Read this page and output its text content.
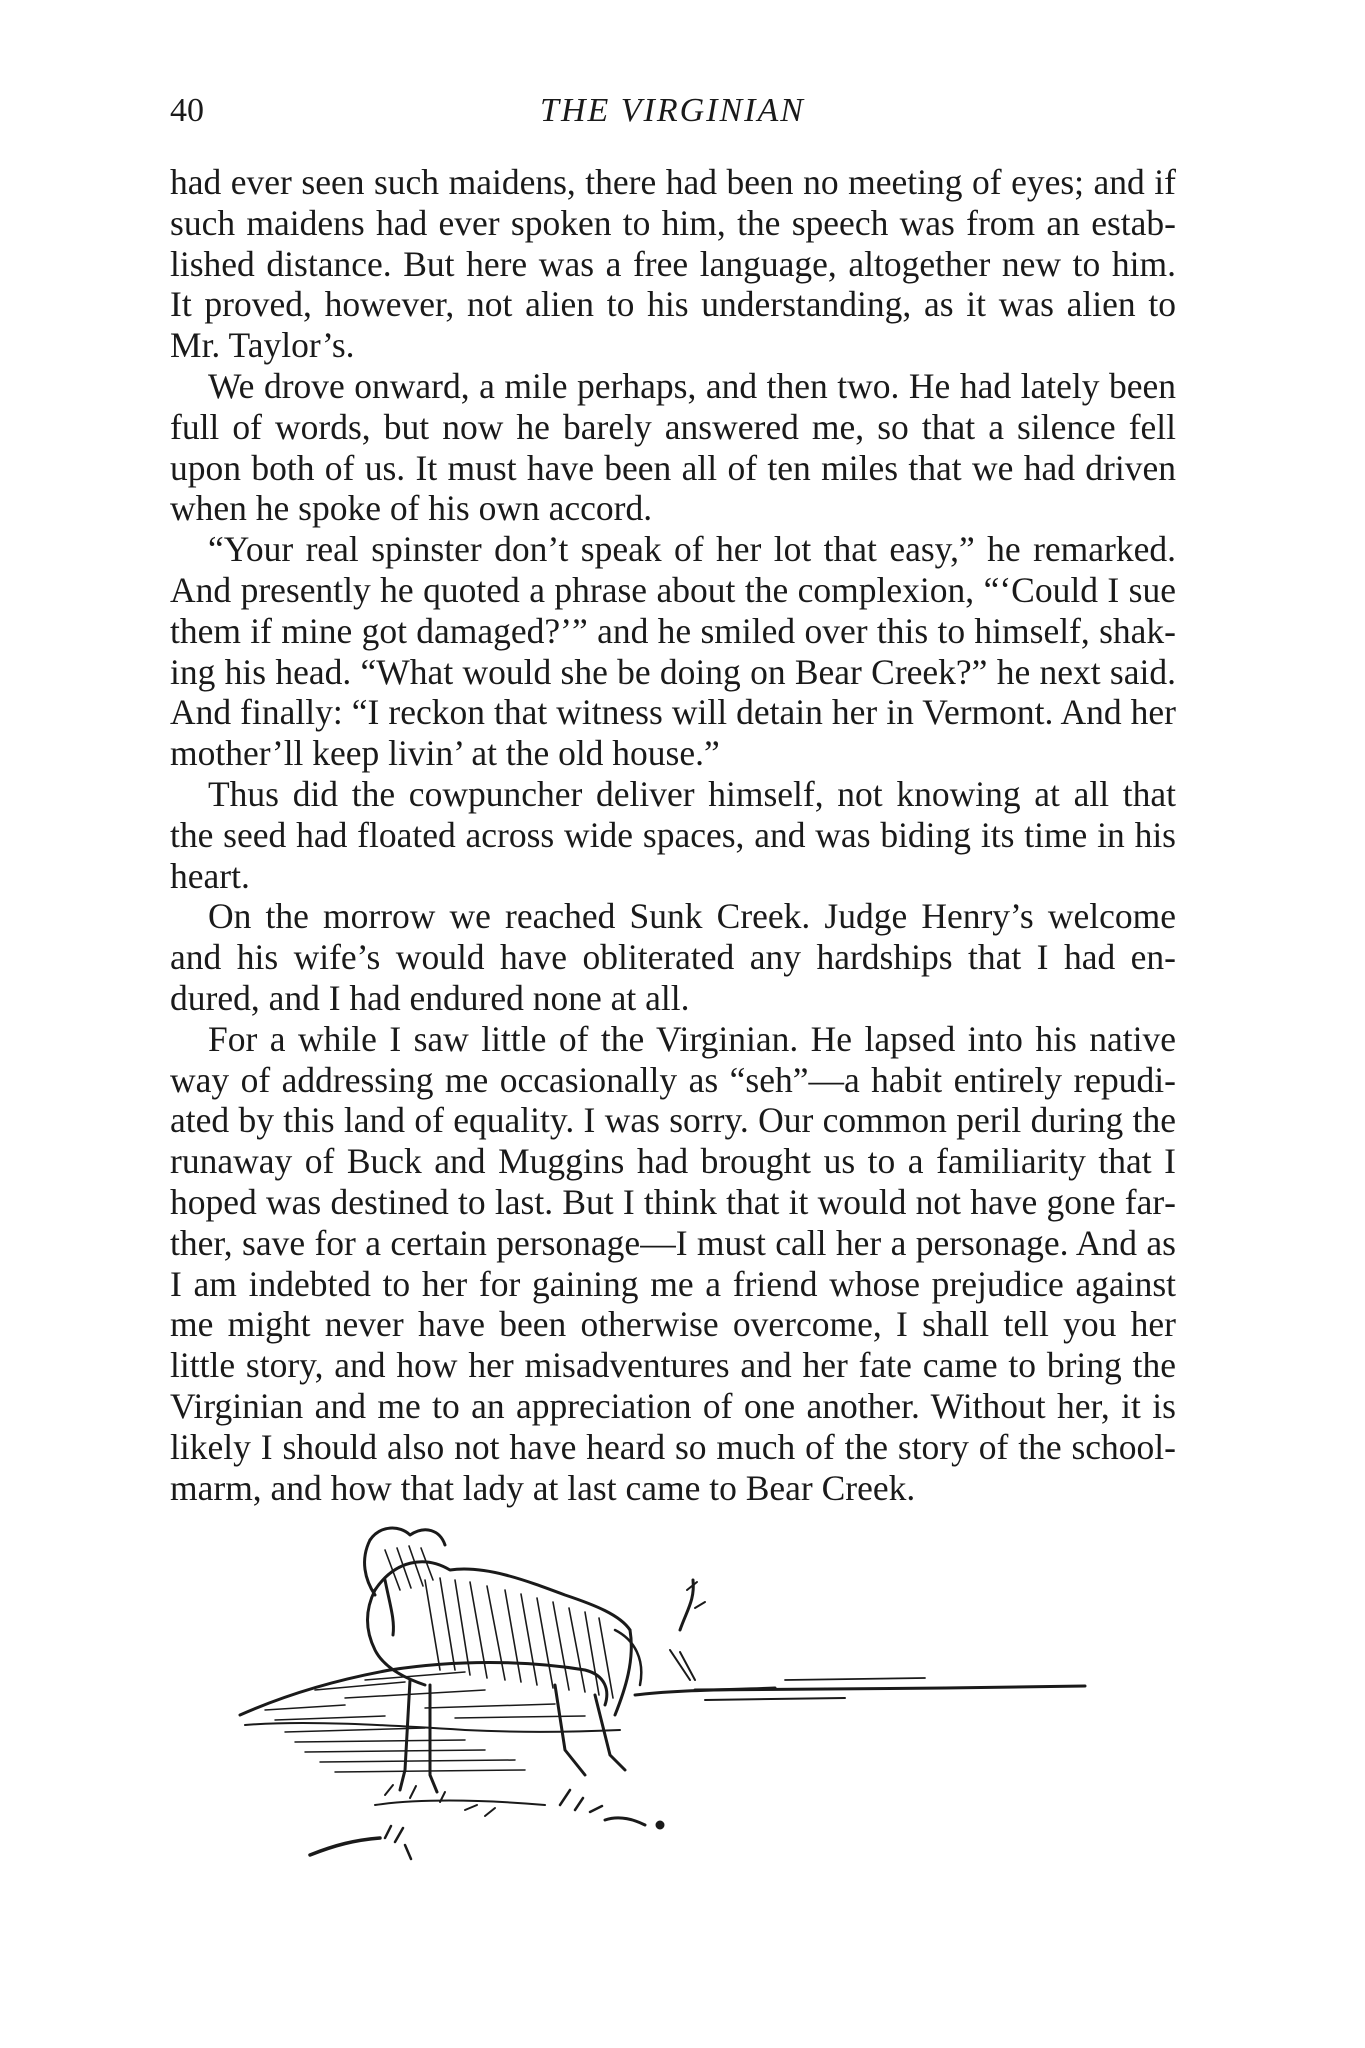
40	THE VIRGINIAN

had ever seen such maidens, there had been no meeting of eyes; and if such maidens had ever spoken to him, the speech was from an established distance. But here was a free language, altogether new to him. It proved, however, not alien to his understanding, as it was alien to Mr. Taylor’s.

We drove onward, a mile perhaps, and then two. He had lately been full of words, but now he barely answered me, so that a silence fell upon both of us. It must have been all of ten miles that we had driven when he spoke of his own accord.

“Your real spinster don’t speak of her lot that easy,” he remarked. And presently he quoted a phrase about the complexion, “‘Could I sue them if mine got damaged?’” and he smiled over this to himself, shaking his head. “What would she be doing on Bear Creek?” he next said. And finally: “I reckon that witness will detain her in Vermont. And her mother’ll keep livin’ at the old house.”

Thus did the cowpuncher deliver himself, not knowing at all that the seed had floated across wide spaces, and was biding its time in his heart.

On the morrow we reached Sunk Creek. Judge Henry’s welcome and his wife’s would have obliterated any hardships that I had endured, and I had endured none at all.

For a while I saw little of the Virginian. He lapsed into his native way of addressing me occasionally as “seh”—a habit entirely repudiated by this land of equality. I was sorry. Our common peril during the runaway of Buck and Muggins had brought us to a familiarity that I hoped was destined to last. But I think that it would not have gone farther, save for a certain personage—I must call her a personage. And as I am indebted to her for gaining me a friend whose prejudice against me might never have been otherwise overcome, I shall tell you her little story, and how her misadventures and her fate came to bring the Virginian and me to an appreciation of one another. Without her, it is likely I should also not have heard so much of the story of the schoolmarm, and how that lady at last came to Bear Creek.
